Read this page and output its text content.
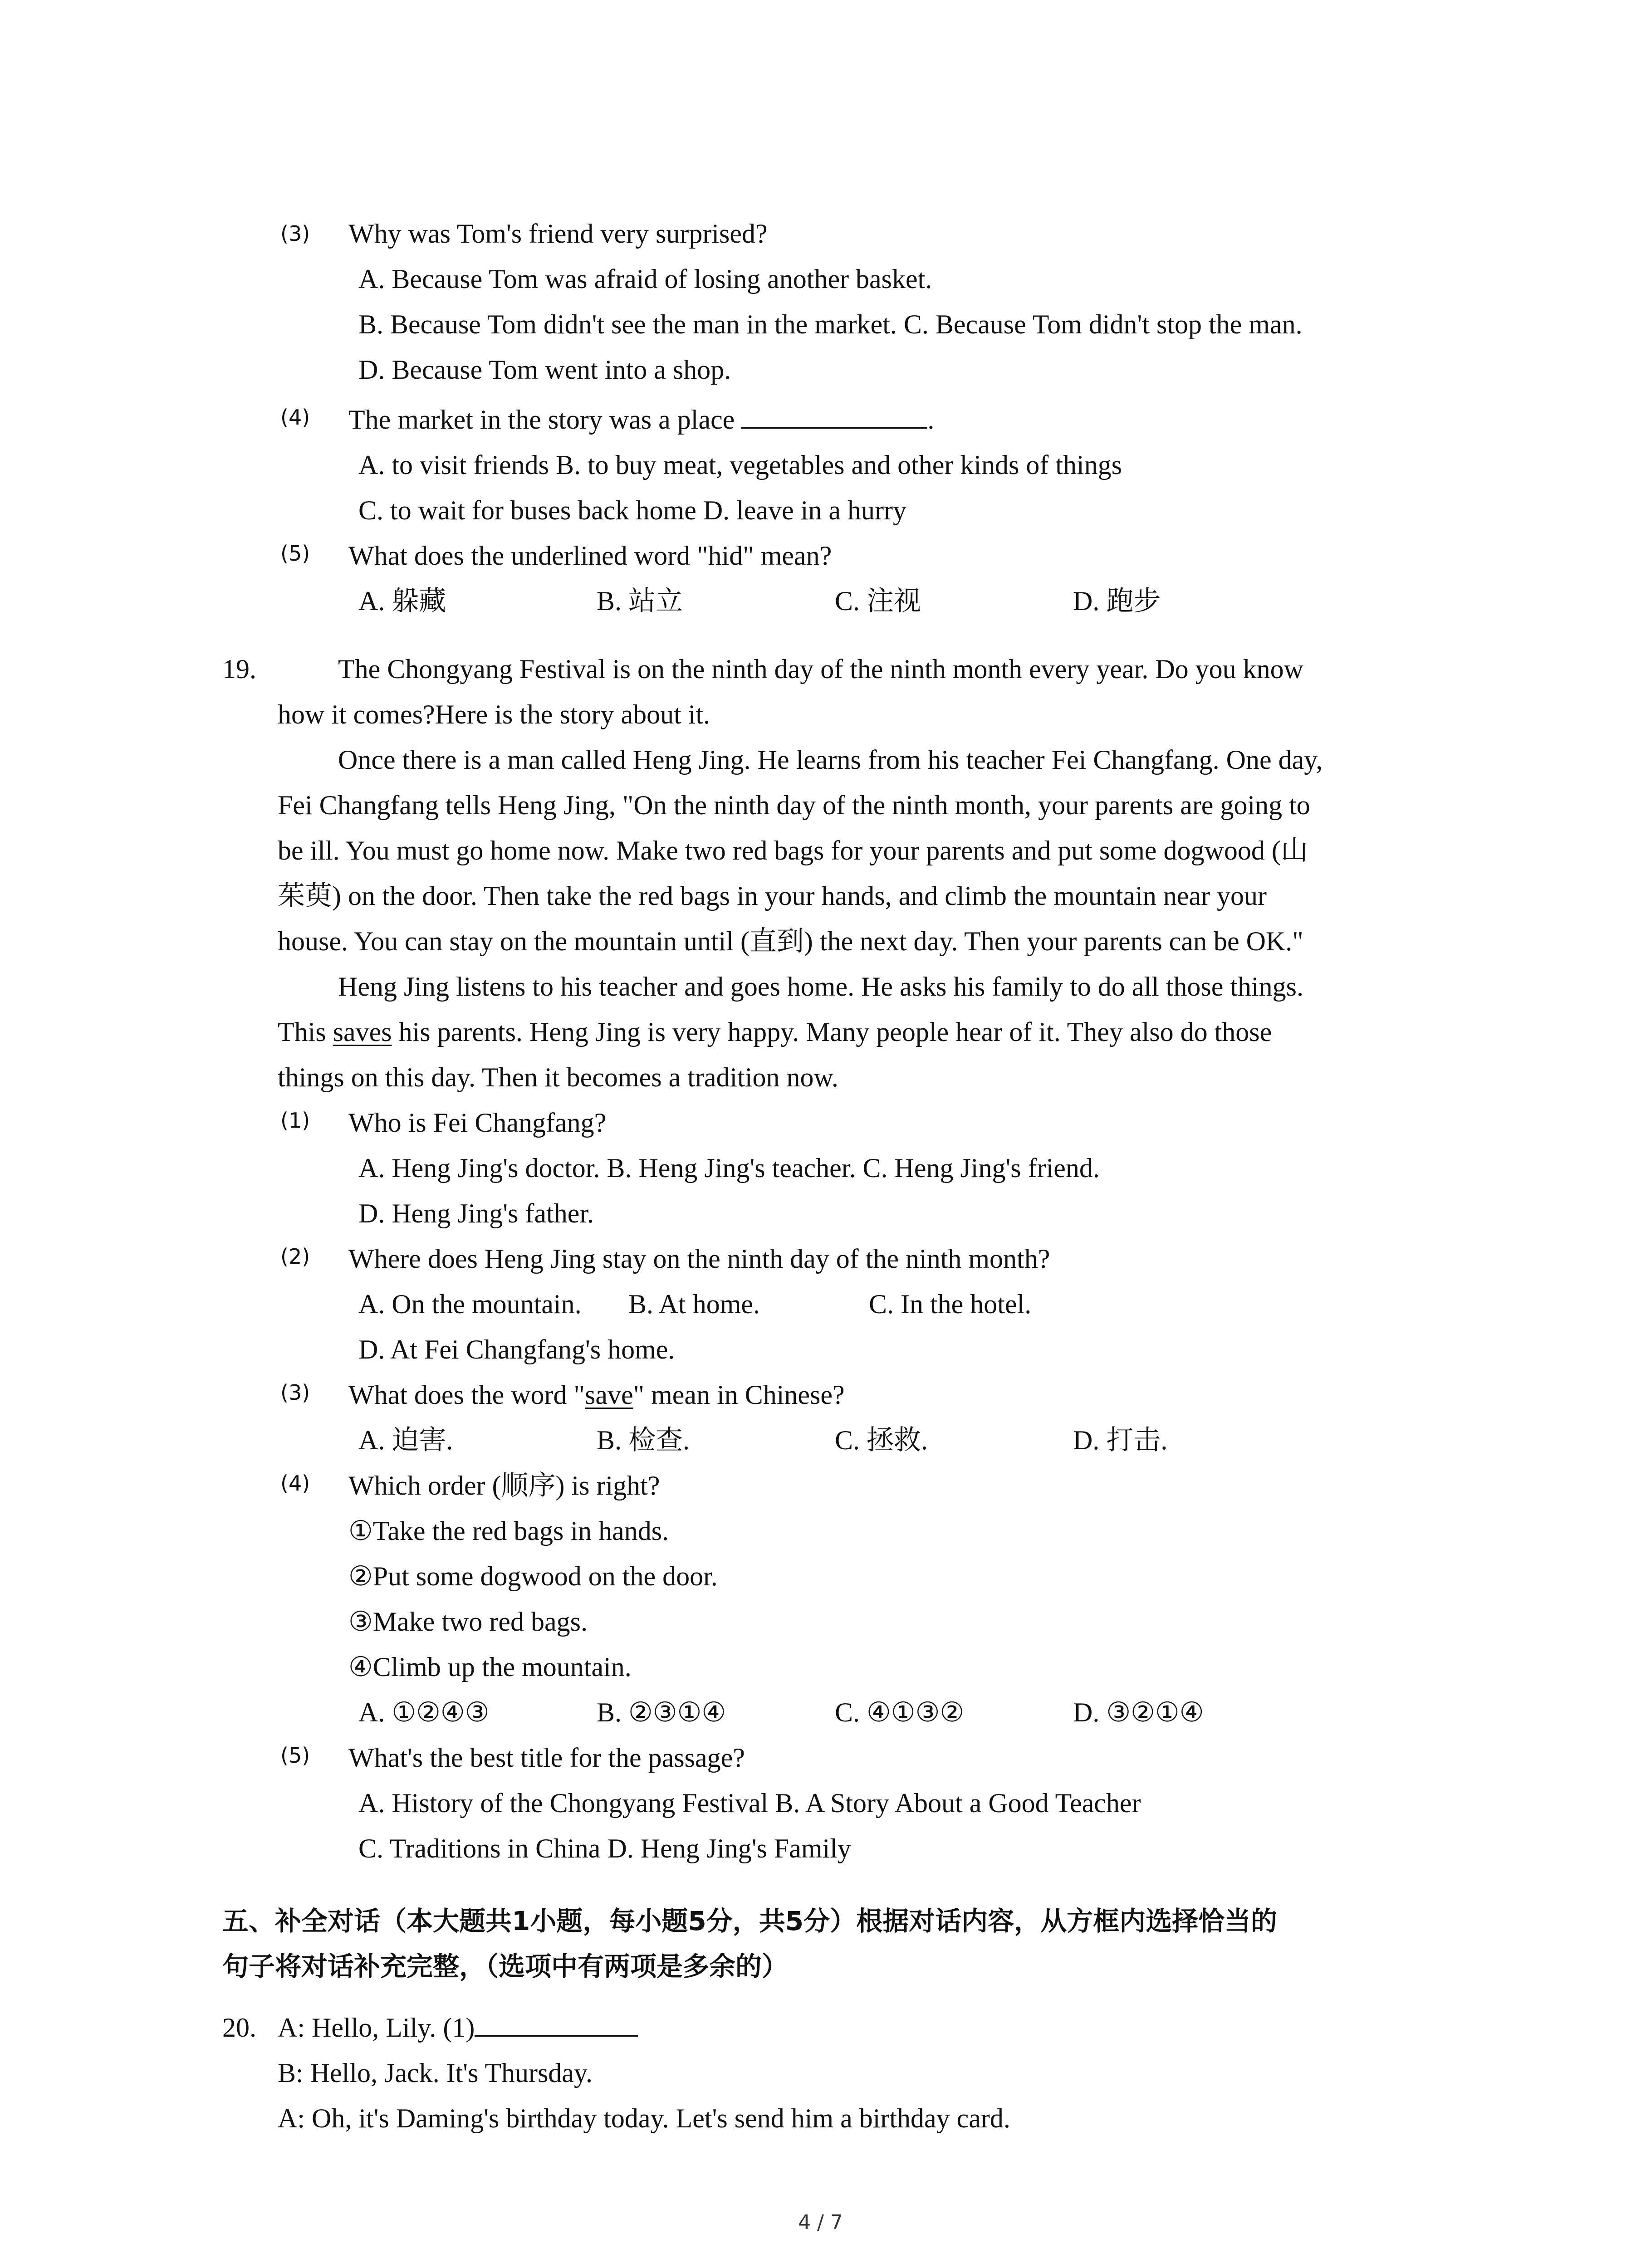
(3) Why was Tom's friend very surprised?
A. Because Tom was afraid of losing another basket.
B. Because Tom didn't see the man in the market. C. Because Tom didn't stop the man.
D. Because Tom went into a shop.
(4) The market in the story was a place	.
A. to visit friends B. to buy meat, vegetables and other kinds of things
C. to wait for buses back home D. leave in a hurry
(5) What does the underlined word "hid" mean?
A. 躲藏	B. 站立	C. 注视	D. 跑步
19.	The Chongyang Festival is on the ninth day of the ninth month every year. Do you know
how it comes?Here is the story about it.
Once there is a man called Heng Jing. He learns from his teacher Fei Changfang. One day,
Fei Changfang tells Heng Jing, "On the ninth day of the ninth month, your parents are going to
be ill. You must go home now. Make two red bags for your parents and put some dogwood (山
茱萸) on the door. Then take the red bags in your hands, and climb the mountain near your
house. You can stay on the mountain until (直到) the next day. Then your parents can be OK."
Heng Jing listens to his teacher and goes home. He asks his family to do all those things.
This saves his parents. Heng Jing is very happy. Many people hear of it. They also do those
things on this day. Then it becomes a tradition now.
(1) Who is Fei Changfang?
A. Heng Jing's doctor. B. Heng Jing's teacher. C. Heng Jing's friend.
D. Heng Jing's father.
(2) Where does Heng Jing stay on the ninth day of the ninth month?
A. On the mountain. B. At home.	C. In the hotel.
D. At Fei Changfang's home.
(3) What does the word "save" mean in Chinese?
A. 迫害.	B. 检查.	C. 拯救.	D. 打击.
(4) Which order (顺序) is right?
①Take the red bags in hands.
②Put some dogwood on the door.
③Make two red bags.
④Climb up the mountain.
A. ①②④③	B. ②③①④	C. ④①③②	D. ③②①④
(5) What's the best title for the passage?
A. History of the Chongyang Festival B. A Story About a Good Teacher
C. Traditions in China D. Heng Jing's Family
五、补全对话（本大题共1小题，每小题5分，共5分）根据对话内容，从方框内选择恰当的
句子将对话补充完整，（选项中有两项是多余的）
20. A: Hello, Lily. (1)
B: Hello, Jack. It's Thursday.
A: Oh, it's Daming's birthday today. Let's send him a birthday card.
4 / 7
